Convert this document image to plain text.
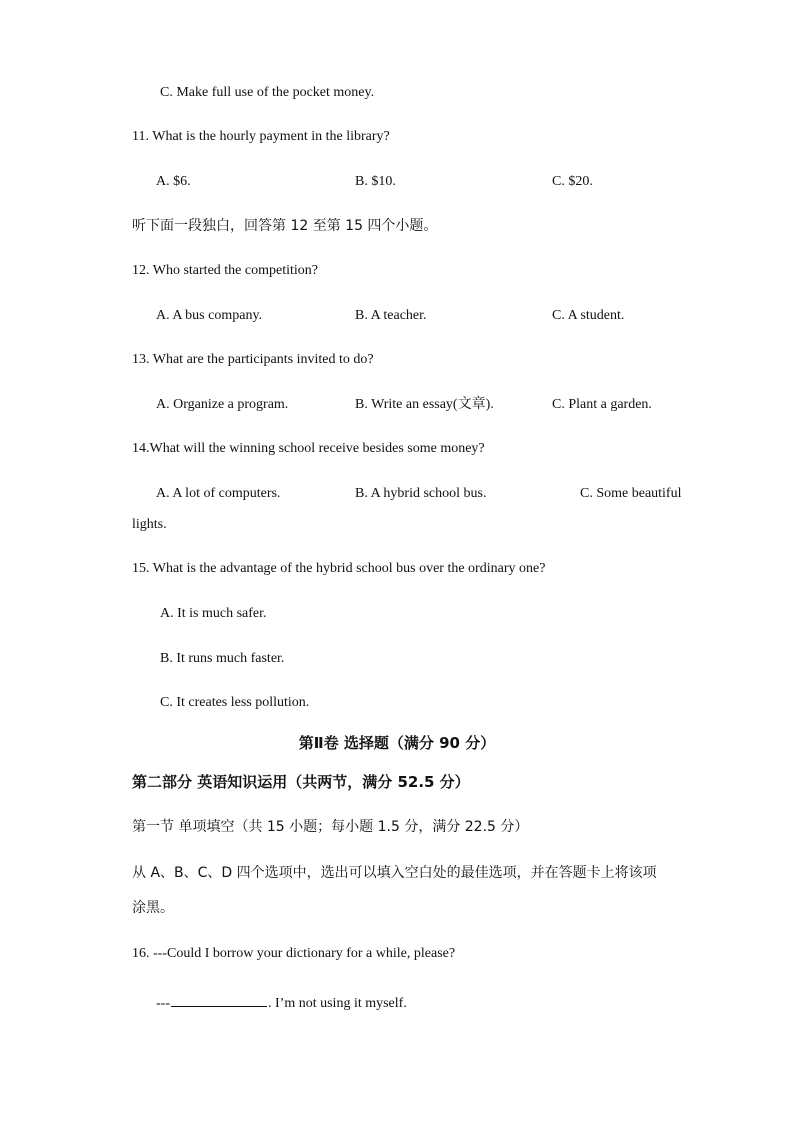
C. Make full use of the pocket money.
11. What is the hourly payment in the library?
A. $6.	B. $10.	C. $20.
听下面一段独白，回答第 12 至第 15 四个小题。
12. Who started the competition?
A. A bus company.	B. A teacher.	C. A student.
13. What are the participants invited to do?
A. Organize a program.	B. Write an essay(文章).	C. Plant a garden.
14.What will the winning school receive besides some money?
A. A lot of computers.	B. A hybrid school bus.	C. Some beautiful
lights.
15. What is the advantage of the hybrid school bus over the ordinary one?
A. It is much safer.
B. It runs much faster.
C. It creates less pollution.
第Ⅱ卷 选择题（满分 90 分）
第二部分 英语知识运用（共两节，满分 52.5 分）
第一节 单项填空（共 15 小题；每小题 1.5 分，满分 22.5 分）
从 A、B、C、D 四个选项中，选出可以填入空白处的最佳选项，并在答题卡上将该项
涂黑。
16. ---Could I borrow your dictionary for a while, please?
---	. I’m not using it myself.
